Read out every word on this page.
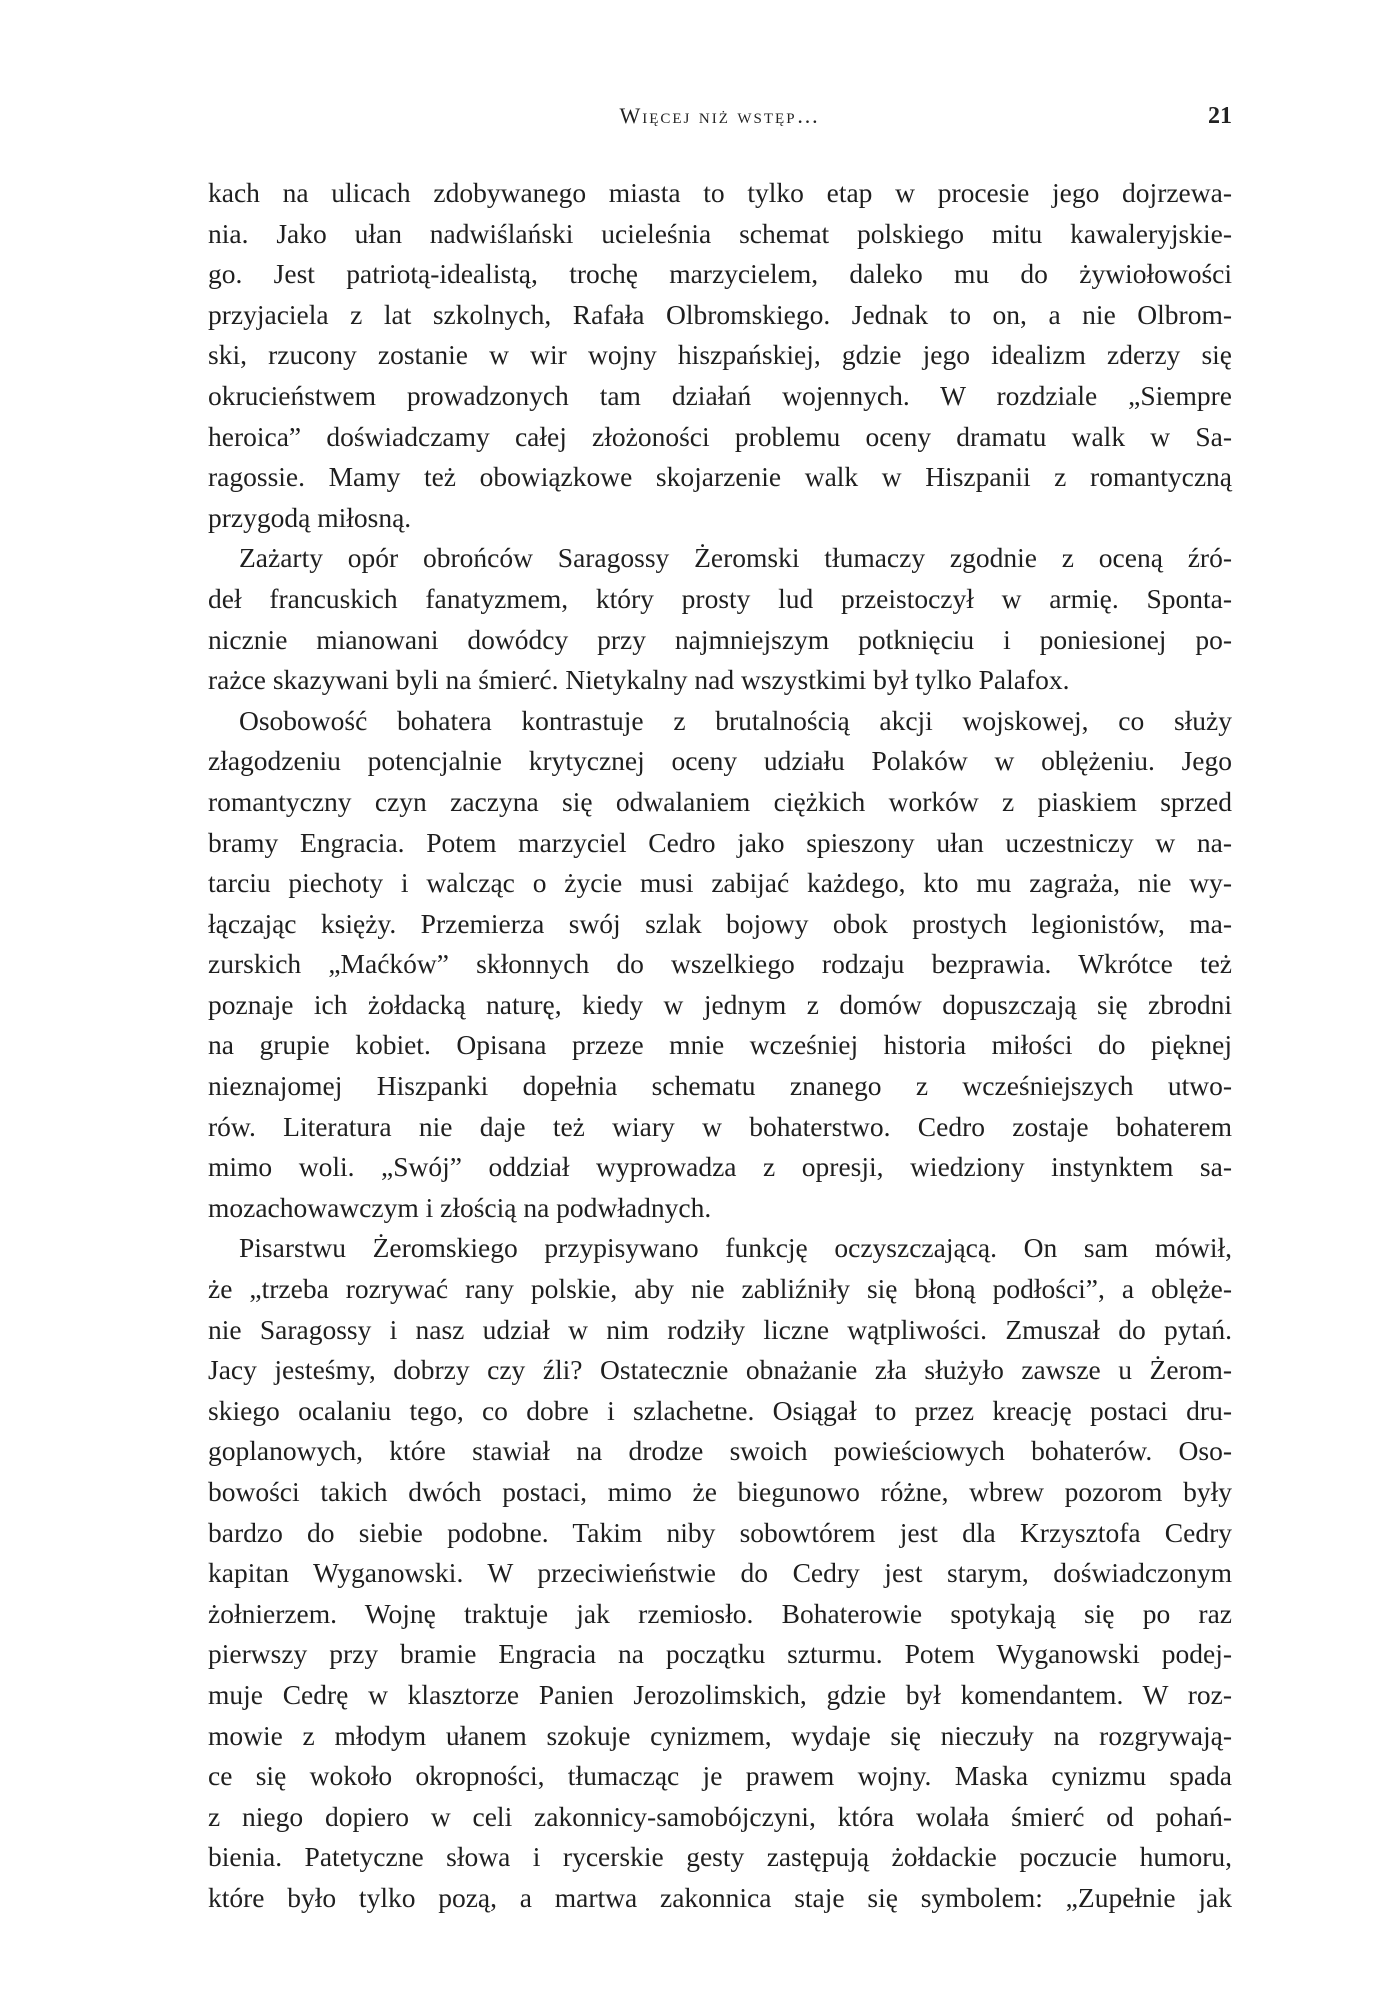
Więcej niż wstęp…	21

kach na ulicach zdobywanego miasta to tylko etap w procesie jego dojrzewa-
nia. Jako ułan nadwiślański ucieleśnia schemat polskiego mitu kawaleryjskie-
go. Jest patriotą-idealistą, trochę marzycielem, daleko mu do żywiołowości
przyjaciela z lat szkolnych, Rafała Olbromskiego. Jednak to on, a nie Olbrom-
ski, rzucony zostanie w wir wojny hiszpańskiej, gdzie jego idealizm zderzy się
okrucieństwem prowadzonych tam działań wojennych. W rozdziale „Siempre
heroica” doświadczamy całej złożoności problemu oceny dramatu walk w Sa-
ragossie. Mamy też obowiązkowe skojarzenie walk w Hiszpanii z romantyczną
przygodą miłosną.

Zażarty opór obrońców Saragossy Żeromski tłumaczy zgodnie z oceną źró-
deł francuskich fanatyzmem, który prosty lud przeistoczył w armię. Sponta-
nicznie mianowani dowódcy przy najmniejszym potknięciu i poniesionej po-
rażce skazywani byli na śmierć. Nietykalny nad wszystkimi był tylko Palafox.

Osobowość bohatera kontrastuje z brutalnością akcji wojskowej, co służy
złagodzeniu potencjalnie krytycznej oceny udziału Polaków w oblężeniu. Jego
romantyczny czyn zaczyna się odwalaniem ciężkich worków z piaskiem sprzed
bramy Engracia. Potem marzyciel Cedro jako spieszony ułan uczestniczy w na-
tarciu piechoty i walcząc o życie musi zabijać każdego, kto mu zagraża, nie wy-
łączając księży. Przemierza swój szlak bojowy obok prostych legionistów, ma-
zurskich „Maćków” skłonnych do wszelkiego rodzaju bezprawia. Wkrótce też
poznaje ich żołdacką naturę, kiedy w jednym z domów dopuszczają się zbrodni
na grupie kobiet. Opisana przeze mnie wcześniej historia miłości do pięknej
nieznajomej Hiszpanki dopełnia schematu znanego z wcześniejszych utwo-
rów. Literatura nie daje też wiary w bohaterstwo. Cedro zostaje bohaterem
mimo woli. „Swój” oddział wyprowadza z opresji, wiedziony instynktem sa-
mozachowawczym i złością na podwładnych.

Pisarstwu Żeromskiego przypisywano funkcję oczyszczającą. On sam mówił,
że „trzeba rozrywać rany polskie, aby nie zabliźniły się błoną podłości”, a oblęże-
nie Saragossy i nasz udział w nim rodziły liczne wątpliwości. Zmuszał do pytań.
Jacy jesteśmy, dobrzy czy źli? Ostatecznie obnażanie zła służyło zawsze u Żerom-
skiego ocalaniu tego, co dobre i szlachetne. Osiągał to przez kreację postaci dru-
goplanowych, które stawiał na drodze swoich powieściowych bohaterów. Oso-
bowości takich dwóch postaci, mimo że biegunowo różne, wbrew pozorom były
bardzo do siebie podobne. Takim niby sobowtórem jest dla Krzysztofa Cedry
kapitan Wyganowski. W przeciwieństwie do Cedry jest starym, doświadczonym
żołnierzem. Wojnę traktuje jak rzemiosło. Bohaterowie spotykają się po raz
pierwszy przy bramie Engracia na początku szturmu. Potem Wyganowski podej-
muje Cedrę w klasztorze Panien Jerozolimskich, gdzie był komendantem. W roz-
mowie z młodym ułanem szokuje cynizmem, wydaje się nieczuły na rozgrywają-
ce się wokoło okropności, tłumacząc je prawem wojny. Maska cynizmu spada
z niego dopiero w celi zakonnicy-samobójczyni, która wolała śmierć od pohań-
bienia. Patetyczne słowa i rycerskie gesty zastępują żołdackie poczucie humoru,
które było tylko pozą, a martwa zakonnica staje się symbolem: „Zupełnie jak
